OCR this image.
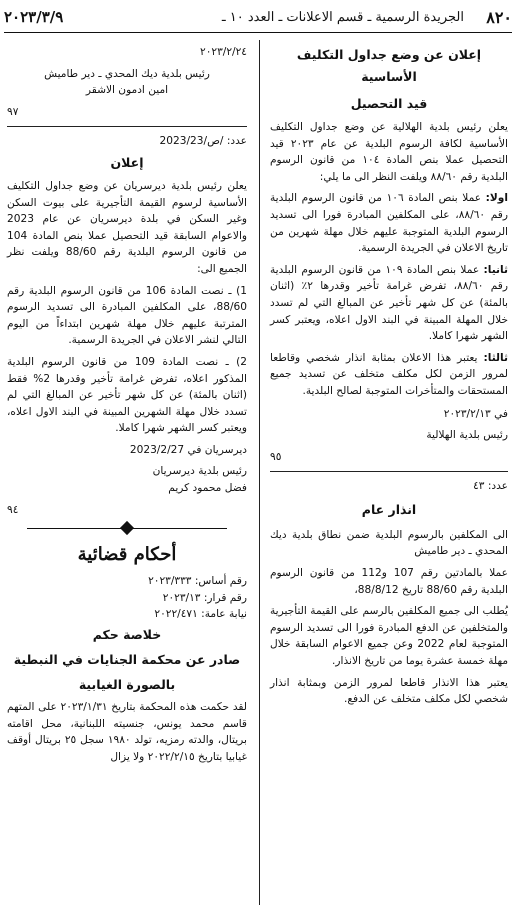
٨٢٠
الجريدة الرسمية ـ قسم الاعلانات ـ العدد ١٠ ـ
٢٠٢٣/٣/٩

إعلان عن وضع جداول التكليف الأساسية

قيد التحصيل

يعلن رئيس بلدية الهلالية عن وضع جداول التكليف الأساسية لكافة الرسوم البلدية عن عام ٢٠٢٣ قيد التحصيل عملا بنص المادة ١٠٤ من قانون الرسوم البلدية رقم ٨٨/٦٠ ويلفت النظر الى ما يلي:

اولا: عملا بنص المادة ١٠٦ من قانون الرسوم البلدية رقم ٨٨/٦٠، على المكلفين المبادرة فورا الى تسديد الرسوم البلدية المتوجبة عليهم خلال مهلة شهرين من تاريخ الاعلان في الجريدة الرسمية.

ثانيا: عملا بنص المادة ١٠٩ من قانون الرسوم البلدية رقم ٨٨/٦٠، تفرض غرامة تأخير وقدرها ٢٪ (اثنان بالمئة) عن كل شهر تأخير عن المبالغ التي لم تسدد خلال المهلة المبينة في البند الاول اعلاه، ويعتبر كسر الشهر شهرا كاملا.

ثالثا: يعتبر هذا الاعلان بمثابة انذار شخصي وقاطعا لمرور الزمن لكل مكلف متخلف عن تسديد جميع المستحقات والمتأخرات المتوجبة لصالح البلدية.

في ٢٠٢٣/٢/١٣

رئيس بلدية الهلالية

٩٥
عدد: ٤٣

انذار عام

الى المكلفين بالرسوم البلدية ضمن نطاق بلدية ديك المحدي ـ دير طاميش

عملا بالمادتين رقم 107 و112 من قانون الرسوم البلدية رقم 88/60 تاريخ 88/8/12،

يُطلب الى جميع المكلفين بالرسم على القيمة التأجيرية والمتخلفين عن الدفع المبادرة فورا الى تسديد الرسوم المتوجبة لعام 2022 وعن جميع الاعوام السابقة خلال مهلة خمسة عشرة يوما من تاريخ الانذار.

يعتبر هذا الانذار قاطعا لمرور الزمن وبمثابة انذار شخصي لكل مكلف متخلف عن الدفع.

٢٠٢٣/٢/٢٤

رئيس بلدية ديك المحدي ـ دير طاميش

امين ادمون الاشقر

٩٧

عدد: /ص/2023/23

إعلان

يعلن رئيس بلدية ديرسريان عن وضع جداول التكليف الأساسية لرسوم القيمة التأجيرية على بيوت السكن وغير السكن في بلدة ديرسريان عن عام 2023 والاعوام السابقة قيد التحصيل عملا بنص المادة 104 من قانون الرسوم البلدية رقم 88/60 ويلفت نظر الجميع الى:

1) ـ نصت المادة 106 من قانون الرسوم البلدية رقم 88/60، على المكلفين المبادرة الى تسديد الرسوم المترتبة عليهم خلال مهلة شهرين ابتداءاً من اليوم التالي لنشر الاعلان في الجريدة الرسمية.

2) ـ نصت المادة 109 من قانون الرسوم البلدية المذكور اعلاه، تفرض غرامة تأخير وقدرها 2% فقط (اثنان بالمئة) عن كل شهر تأخير عن المبالغ التي لم تسدد خلال مهلة الشهرين المبينة في البند الاول اعلاه، ويعتبر كسر الشهر شهرا كاملا.

ديرسريان في 2023/2/27

رئيس بلدية ديرسريان

فضل محمود كريم

٩٤

أحكام قضائية

رقم أساس: ٢٠٢٣/٣٣٣

رقم قرار: ٢٠٢٣/١٣

نيابة عامة: ٢٠٢٢/٤٧١

خلاصة حكم

صادر عن محكمة الجنايات في النبطية

بالصورة الغيابية

لقد حكمت هذه المحكمة بتاريخ ٢٠٢٣/١/٣١ على المتهم قاسم محمد يونس، جنسيته اللبنانية، محل اقامته بريتال، والدته رمزيه، تولد ١٩٨٠ سجل ٢٥ بريتال أوقف غيابيا بتاريخ ٢٠٢٢/٢/١٥ ولا يزال
